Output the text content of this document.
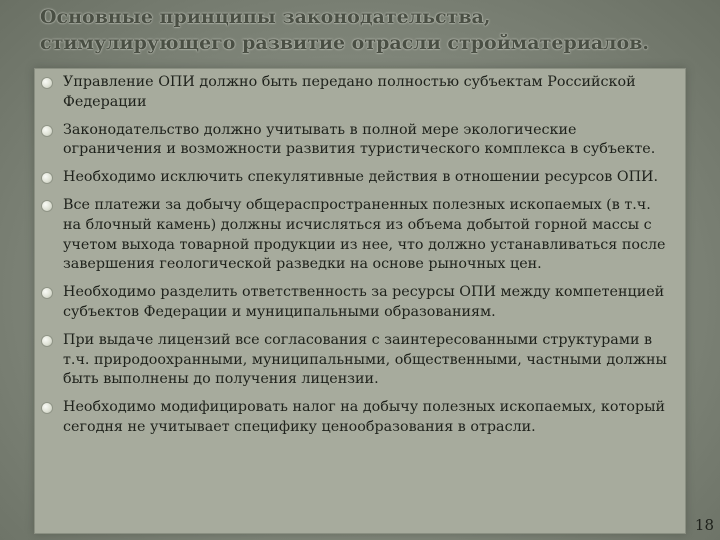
Основные принципы законодательства,
стимулирующего развитие отрасли стройматериалов.
Управление ОПИ должно быть передано полностью субъектам Российской Федерации
Законодательство должно учитывать в полной мере экологические ограничения и возможности развития туристического комплекса в субъекте.
Необходимо исключить спекулятивные действия в отношении ресурсов ОПИ.
Все платежи за добычу общераспространенных полезных ископаемых (в т.ч. на блочный камень) должны исчисляться из объема добытой горной массы с учетом выхода товарной продукции из нее, что должно устанавливаться после завершения геологической разведки на основе рыночных цен.
Необходимо разделить ответственность за ресурсы ОПИ между компетенцией субъектов Федерации и муниципальными образованиям.
При выдаче лицензий все согласования с заинтересованными структурами в т.ч. природоохранными, муниципальными, общественными, частными должны быть выполнены до получения лицензии.
Необходимо модифицировать налог на добычу полезных ископаемых, который сегодня не учитывает специфику ценообразования в отрасли.
18
